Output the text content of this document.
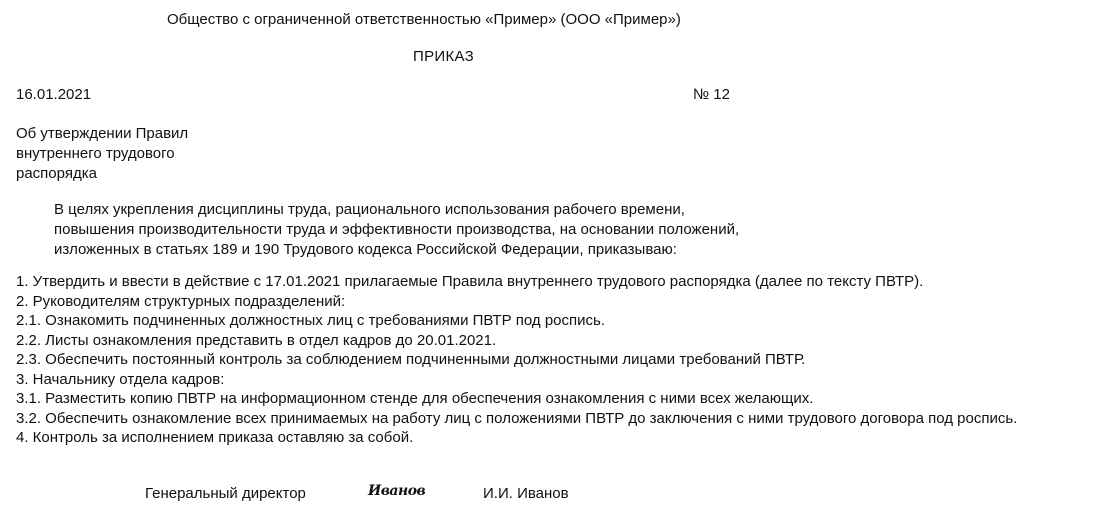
Общество с ограниченной ответственностью «Пример» (ООО «Пример»)
ПРИКАЗ
16.01.2021	№ 12
Об утверждении Правил
внутреннего трудового
распорядка
В целях укрепления дисциплины труда, рационального использования рабочего времени,
повышения производительности труда и эффективности производства, на основании положений,
изложенных в статьях 189 и 190 Трудового кодекса Российской Федерации, приказываю:
1. Утвердить и ввести в действие с 17.01.2021 прилагаемые Правила внутреннего трудового распорядка (далее по тексту ПВТР).
2. Руководителям структурных подразделений:
2.1. Ознакомить подчиненных должностных лиц с требованиями ПВТР под роспись.
2.2. Листы ознакомления представить в отдел кадров до 20.01.2021.
2.3. Обеспечить постоянный контроль за соблюдением подчиненными должностными лицами требований ПВТР.
3. Начальнику отдела кадров:
3.1. Разместить копию ПВТР на информационном стенде для обеспечения ознакомления с ними всех желающих.
3.2. Обеспечить ознакомление всех принимаемых на работу лиц с положениями ПВТР до заключения с ними трудового договора под роспись.
4. Контроль за исполнением приказа оставляю за собой.
Генеральный директор	Иванов	И.И. Иванов
